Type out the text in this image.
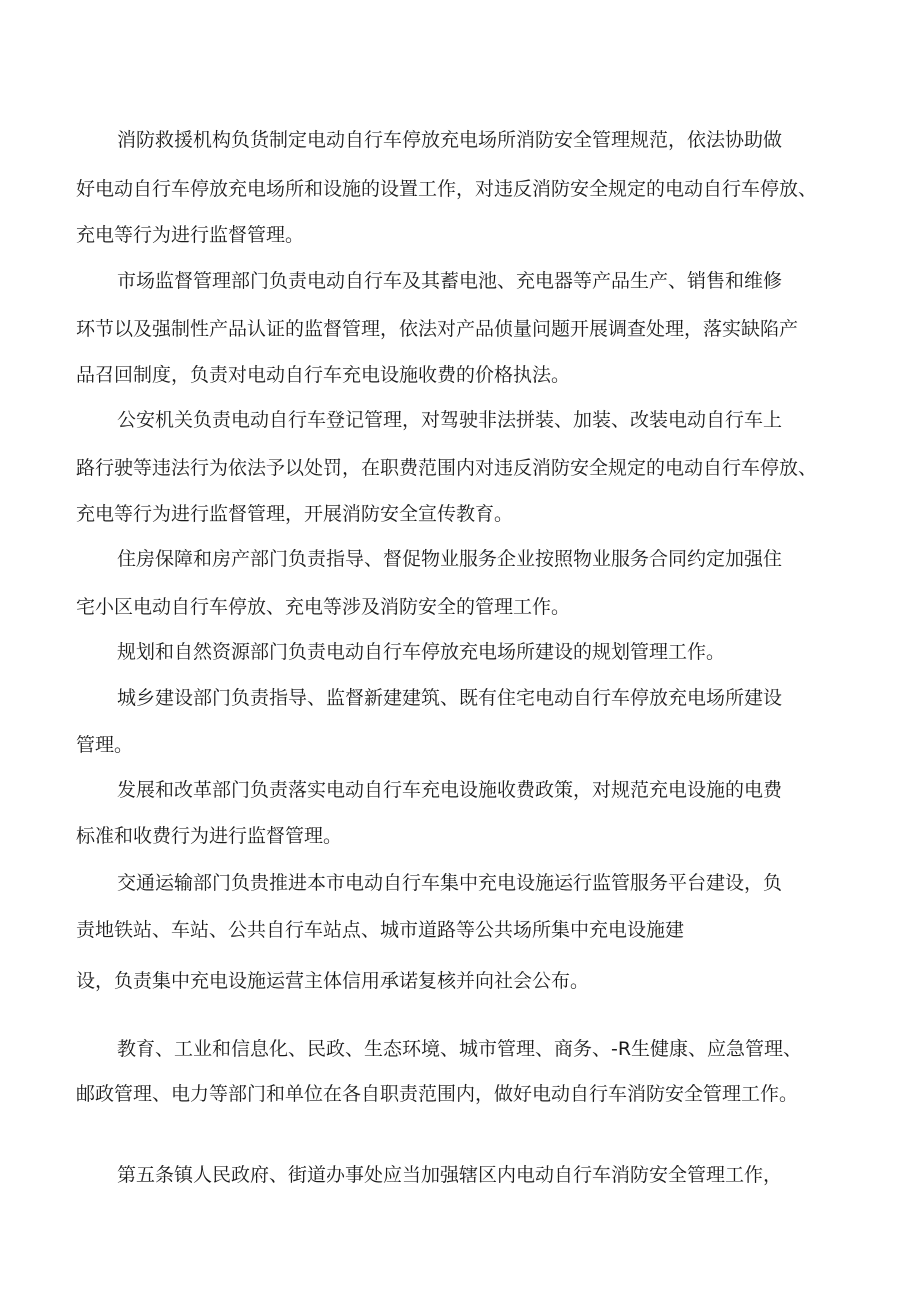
消防救援机构负货制定电动自行车停放充电场所消防安全管理规范，依法协助做

好电动自行车停放充电场所和设施的设置工作，对违反消防安全规定的电动自行车停放、

充电等行为进行监督管理。

市场监督管理部门负责电动自行车及其蓄电池、充电器等产品生产、销售和维修

环节以及强制性产品认证的监督管理，依法对产品侦量问题开展调查处理，落实缺陷产

品召回制度，负责对电动自行车充电设施收费的价格执法。

公安机关负责电动自行车登记管理，对驾驶非法拼装、加装、改装电动自行车上

路行驶等违法行为依法予以处罚，在职费范围内对违反消防安全规定的电动自行车停放、

充电等行为进行监督管理，开展消防安全宣传教育。

住房保障和房产部门负责指导、督促物业服务企业按照物业服务合同约定加强住

宅小区电动自行车停放、充电等涉及消防安全的管理工作。

规划和自然资源部门负责电动自行车停放充电场所建设的规划管理工作。

城乡建设部门负责指导、监督新建建筑、既有住宅电动自行车停放充电场所建设

管理。

发展和改革部门负责落实电动自行车充电设施收费政策，对规范充电设施的电费

标准和收费行为进行监督管理。

交通运输部门负贵推进本市电动自行车集中充电设施运行监管服务平台建设，负

责地铁站、车站、公共自行车站点、城市道路等公共场所集中充电设施建

设，负责集中充电设施运营主体信用承诺复核并向社会公布。

教育、工业和信息化、民政、生态环境、城市管理、商务、-R生健康、应急管理、

邮政管理、电力等部门和单位在各自职责范围内，做好电动自行车消防安全管理工作。

第五条镇人民政府、街道办事处应当加强辖区内电动自行车消防安全管理工作，
